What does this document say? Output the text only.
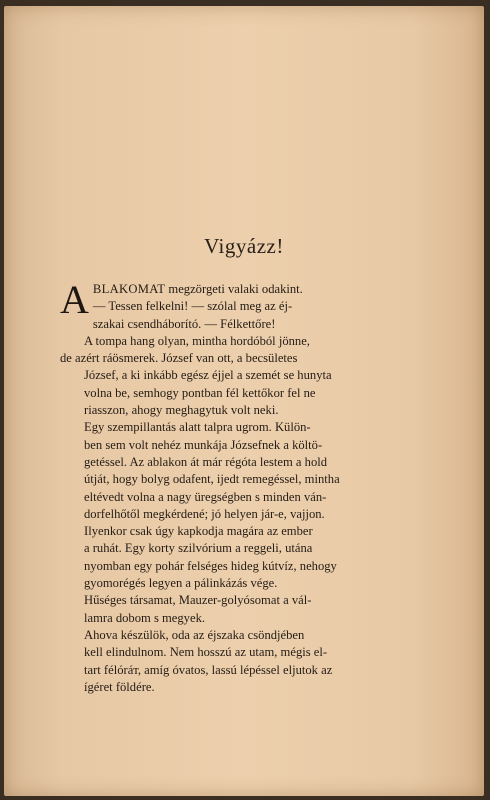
Vigyázz!

A BLAKOMAT megzörgeti valaki odakint.
— Tessen felkelni! — szólal meg az éj-
szakai csendháborító. — Félkettőre!

A tompa hang olyan, mintha hordóból jönne,
de azért ráösmerek. József van ott, a becsületes
József, a ki inkább egész éjjel a szemét se hunyta
volna be, semhogy pontban fél kettőkor fel ne
riasszon, ahogy meghagytuk volt neki.

Egy szempillantás alatt talpra ugrom. Külön-
ben sem volt nehéz munkája Józsefnek a költö-
getéssel. Az ablakon át már régóta lestem a hold
útját, hogy bolyg odafent, ijedt remegéssel, mintha
eltévedt volna a nagy üregségben s minden ván-
dorfelhőtől megkérdené; jó helyen jár-e, vajjon.

Ilyenkor csak úgy kapkodja magára az ember
a ruhát. Egy korty szilvórium a reggeli, utána
nyomban egy pohár felséges hideg kútvíz, nehogy
gyomorégés legyen a pálinkázás vége.

Hűséges társamat, Mauzer-golyósomat a vál-
lamra dobom s megyek.

Ahova készülök, oda az éjszaka csöndjében
kell elindulnom. Nem hosszú az utam, mégis el-
tart félóráт, amíg óvatos, lassú lépéssel eljutok az
ígéret földére.
